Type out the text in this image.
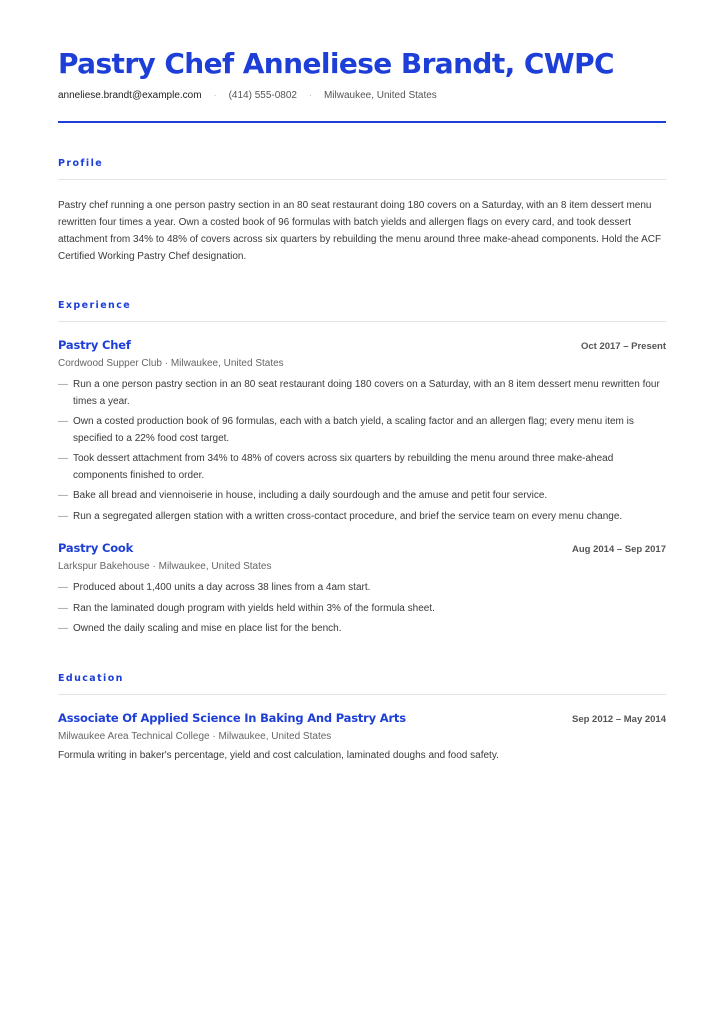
Pastry Chef Anneliese Brandt, CWPC
anneliese.brandt@example.com · (414) 555-0802 · Milwaukee, United States
Profile

Pastry chef running a one person pastry section in an 80 seat restaurant doing 180 covers on a Saturday, with an 8 item dessert menu rewritten four times a year. Own a costed book of 96 formulas with batch yields and allergen flags on every card, and took dessert attachment from 34% to 48% of covers across six quarters by rebuilding the menu around three make-ahead components. Hold the ACF Certified Working Pastry Chef designation.

Experience
Pastry Chef	Oct 2017 – Present
Cordwood Supper Club · Milwaukee, United States
— Run a one person pastry section in an 80 seat restaurant doing 180 covers on a Saturday, with an 8 item dessert menu rewritten four times a year.
— Own a costed production book of 96 formulas, each with a batch yield, a scaling factor and an allergen flag; every menu item is specified to a 22% food cost target.
— Took dessert attachment from 34% to 48% of covers across six quarters by rebuilding the menu around three make-ahead components finished to order.
— Bake all bread and viennoiserie in house, including a daily sourdough and the amuse and petit four service.
— Run a segregated allergen station with a written cross-contact procedure, and brief the service team on every menu change.
Pastry Cook	Aug 2014 – Sep 2017
Larkspur Bakehouse · Milwaukee, United States
— Produced about 1,400 units a day across 38 lines from a 4am start.
— Ran the laminated dough program with yields held within 3% of the formula sheet.
— Owned the daily scaling and mise en place list for the bench.
Education
Associate Of Applied Science In Baking And Pastry Arts	Sep 2012 – May 2014
Milwaukee Area Technical College · Milwaukee, United States
Formula writing in baker's percentage, yield and cost calculation, laminated doughs and food safety.
